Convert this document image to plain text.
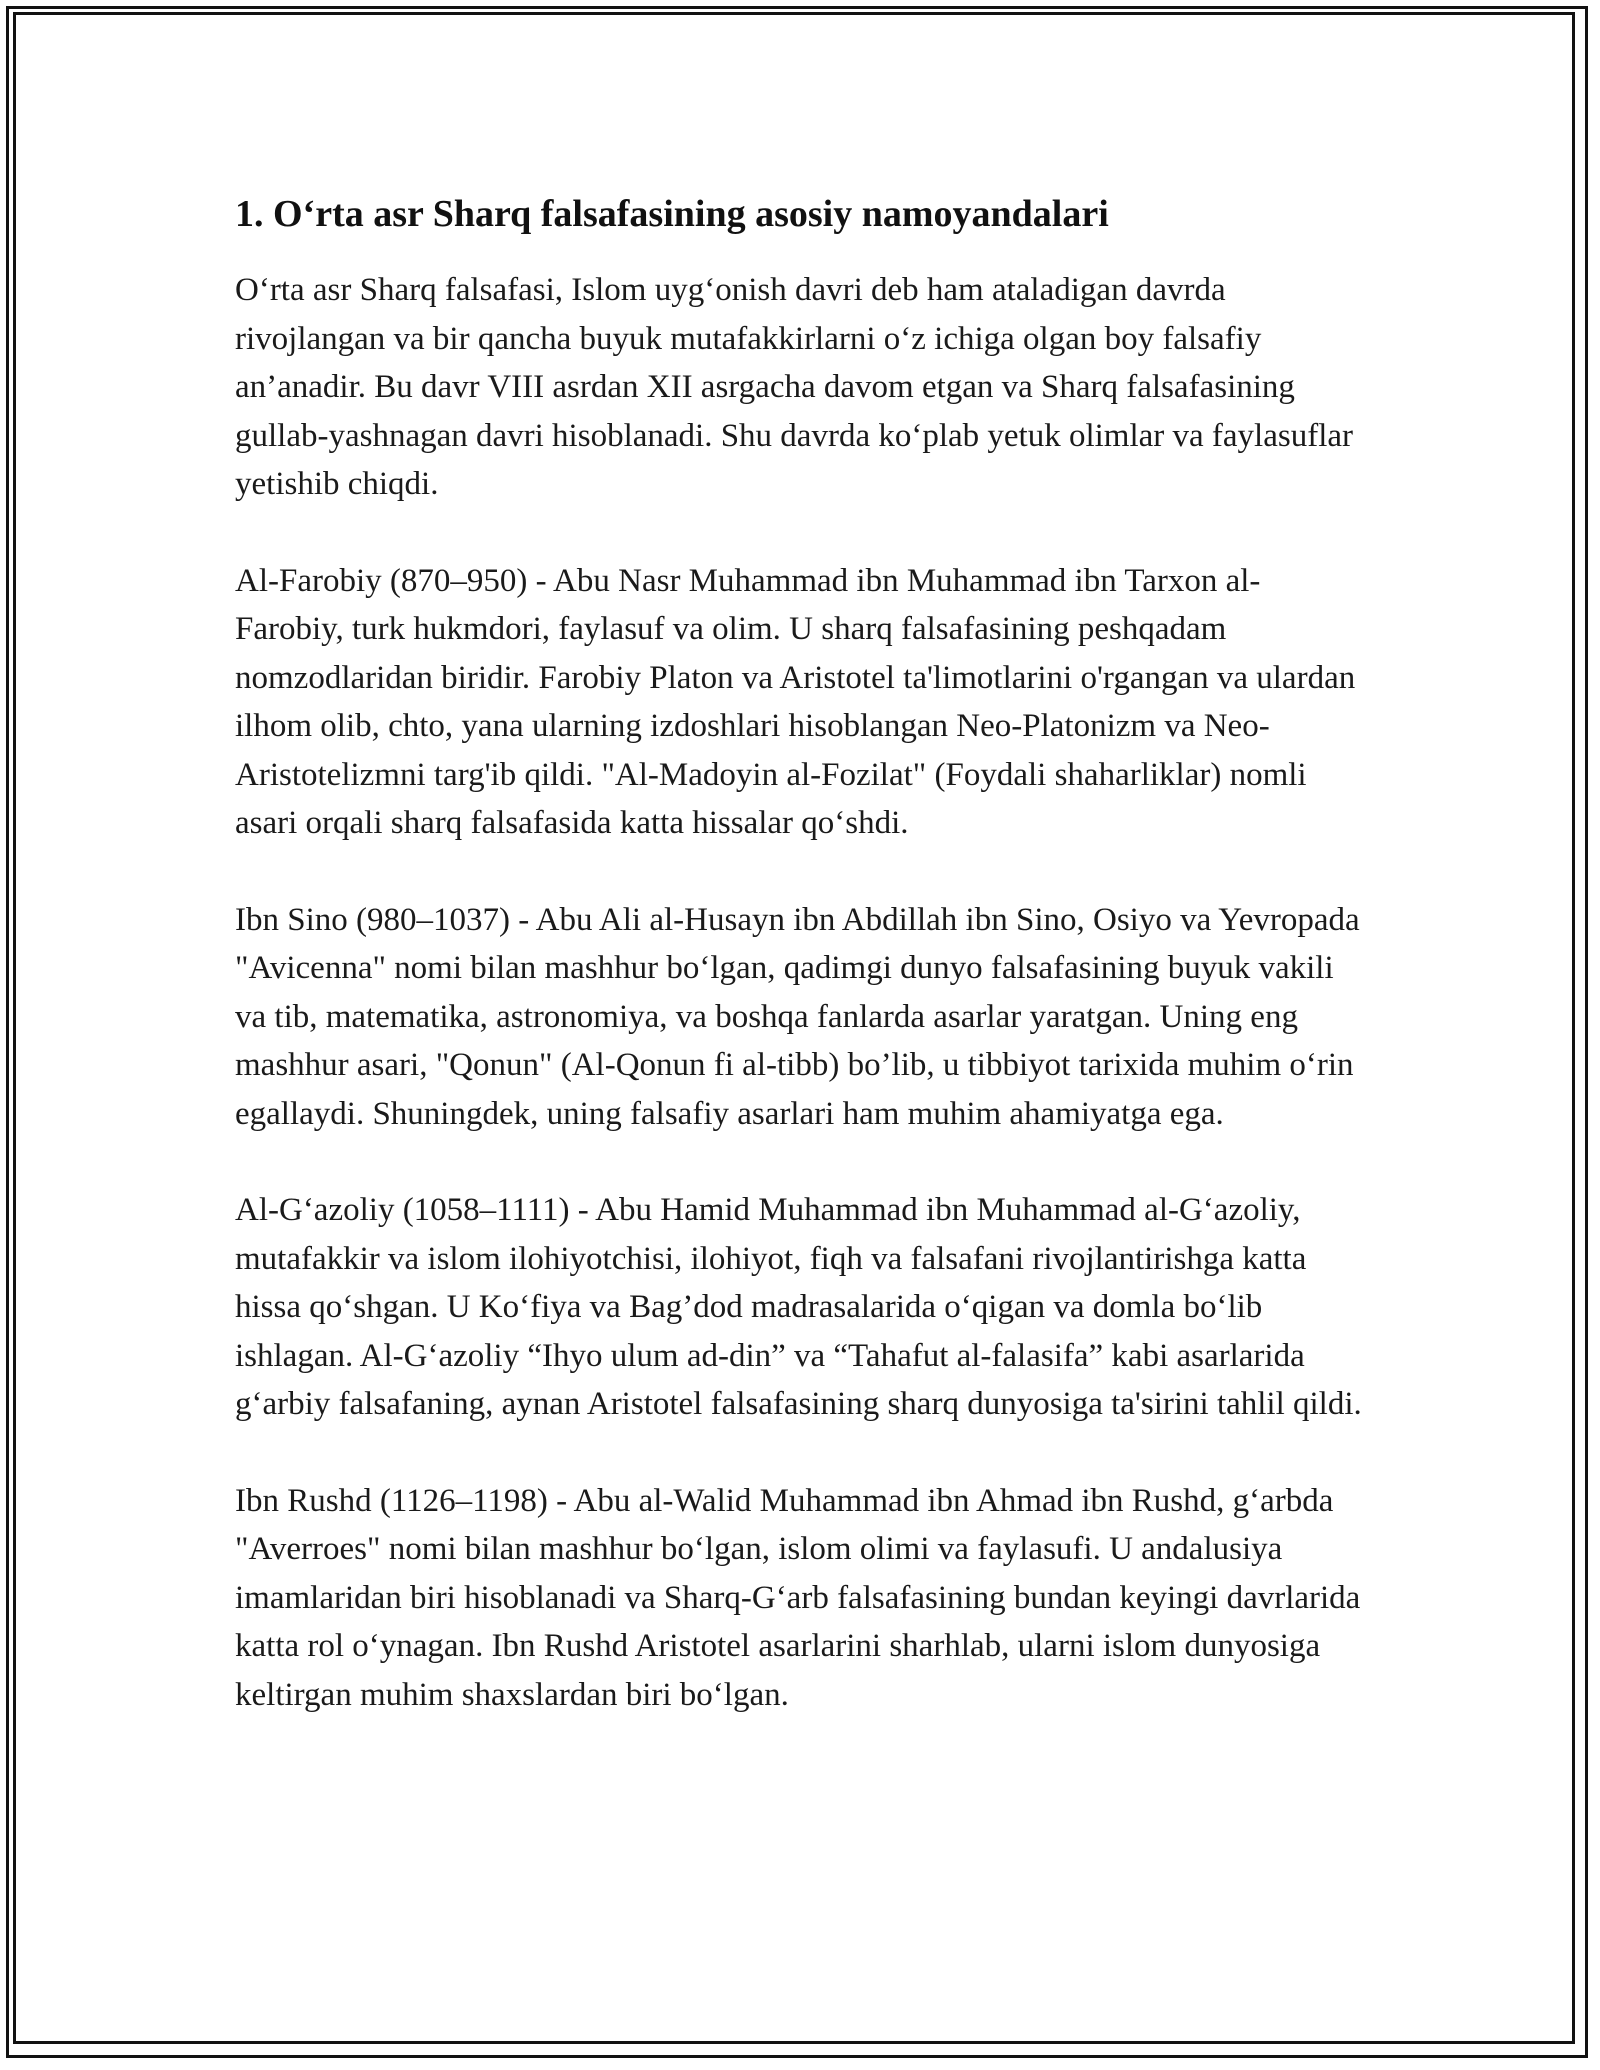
1. O‘rta asr Sharq falsafasining asosiy namoyandalari

O‘rta asr Sharq falsafasi, Islom uyg‘onish davri deb ham ataladigan davrda rivojlangan va bir qancha buyuk mutafakkirlarni o‘z ichiga olgan boy falsafiy an’anadir. Bu davr VIII asrdan XII asrgacha davom etgan va Sharq falsafasining gullab-yashnagan davri hisoblanadi. Shu davrda ko‘plab yetuk olimlar va faylasuflar yetishib chiqdi.

Al-Farobiy (870–950) - Abu Nasr Muhammad ibn Muhammad ibn Tarxon al-Farobiy, turk hukmdori, faylasuf va olim. U sharq falsafasining peshqadam nomzodlaridan biridir. Farobiy Platon va Aristotel ta'limotlarini o'rgangan va ulardan ilhom olib, chto, yana ularning izdoshlari hisoblangan Neo-Platonizm va Neo-Aristotelizmni targ'ib qildi. "Al-Madoyin al-Fozilat" (Foydali shaharliklar) nomli asari orqali sharq falsafasida katta hissalar qo‘shdi.

Ibn Sino (980–1037) - Abu Ali al-Husayn ibn Abdillah ibn Sino, Osiyo va Yevropada "Avicenna" nomi bilan mashhur bo‘lgan, qadimgi dunyo falsafasining buyuk vakili va tib, matematika, astronomiya, va boshqa fanlarda asarlar yaratgan. Uning eng mashhur asari, "Qonun" (Al-Qonun fi al-tibb) bo’lib, u tibbiyot tarixida muhim o‘rin egallaydi. Shuningdek, uning falsafiy asarlari ham muhim ahamiyatga ega.

Al-G‘azoliy (1058–1111) - Abu Hamid Muhammad ibn Muhammad al-G‘azoliy, mutafakkir va islom ilohiyotchisi, ilohiyot, fiqh va falsafani rivojlantirishga katta hissa qo‘shgan. U Ko‘fiya va Bag’dod madrasalarida o‘qigan va domla bo‘lib ishlagan. Al-G‘azoliy “Ihyo ulum ad-din” va “Tahafut al-falasifa” kabi asarlarida g‘arbiy falsafaning, aynan Aristotel falsafasining sharq dunyosiga ta'sirini tahlil qildi.

Ibn Rushd (1126–1198) - Abu al-Walid Muhammad ibn Ahmad ibn Rushd, g‘arbda "Averroes" nomi bilan mashhur bo‘lgan, islom olimi va faylasufi. U andalusiya imamlaridan biri hisoblanadi va Sharq-G‘arb falsafasining bundan keyingi davrlarida katta rol o‘ynagan. Ibn Rushd Aristotel asarlarini sharhlab, ularni islom dunyosiga keltirgan muhim shaxslardan biri bo‘lgan.
